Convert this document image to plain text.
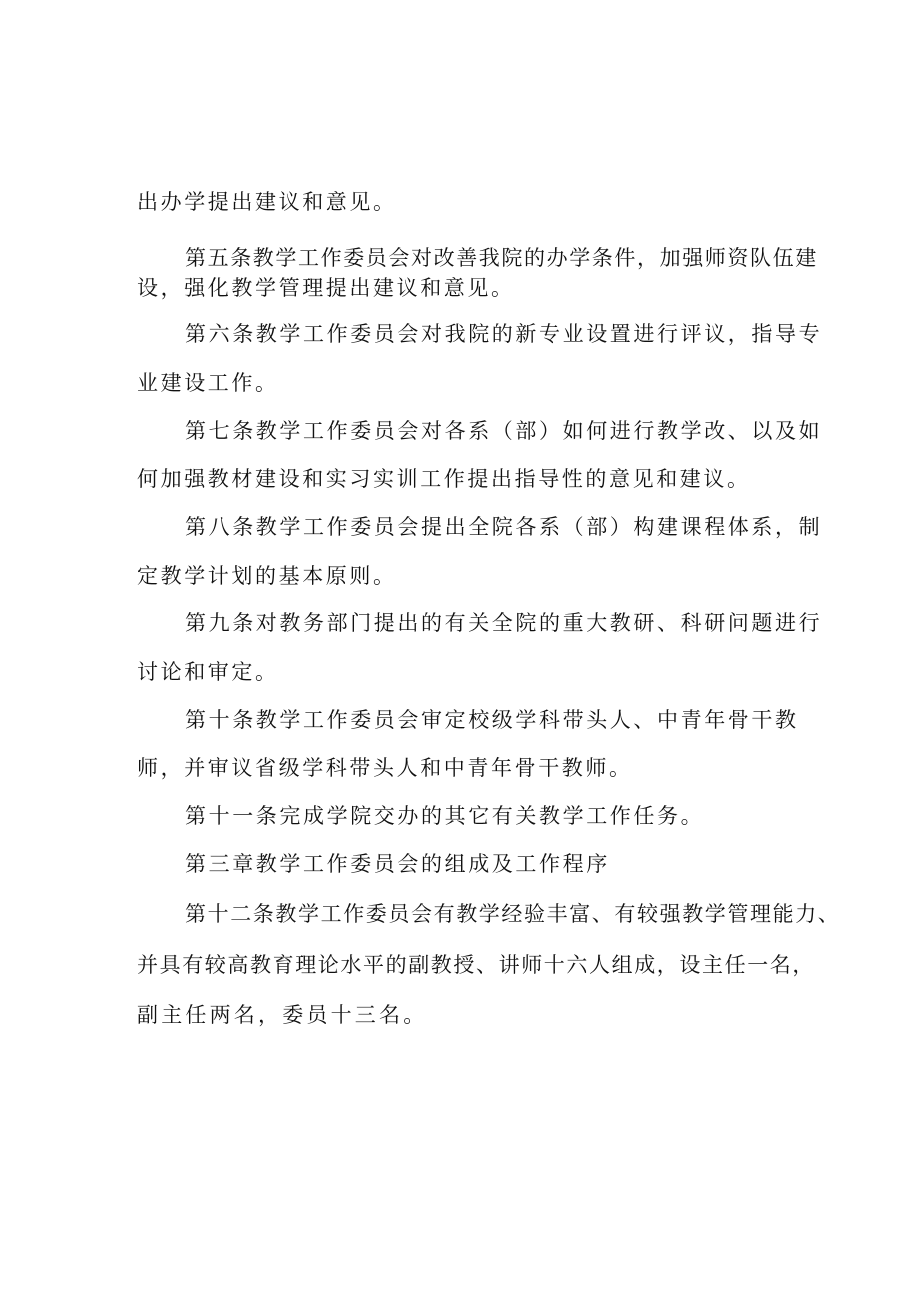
出办学提出建议和意见。
第五条教学工作委员会对改善我院的办学条件，加强师资队伍建
设，强化教学管理提出建议和意见。
第六条教学工作委员会对我院的新专业设置进行评议，指导专
业建设工作。
第七条教学工作委员会对各系（部）如何进行教学改、以及如
何加强教材建设和实习实训工作提出指导性的意见和建议。
第八条教学工作委员会提出全院各系（部）构建课程体系，制
定教学计划的基本原则。
第九条对教务部门提出的有关全院的重大教研、科研问题进行
讨论和审定。
第十条教学工作委员会审定校级学科带头人、中青年骨干教
师，并审议省级学科带头人和中青年骨干教师。
第十一条完成学院交办的其它有关教学工作任务。
第三章教学工作委员会的组成及工作程序
第十二条教学工作委员会有教学经验丰富、有较强教学管理能力、
并具有较高教育理论水平的副教授、讲师十六人组成，设主任一名，
副主任两名，委员十三名。
